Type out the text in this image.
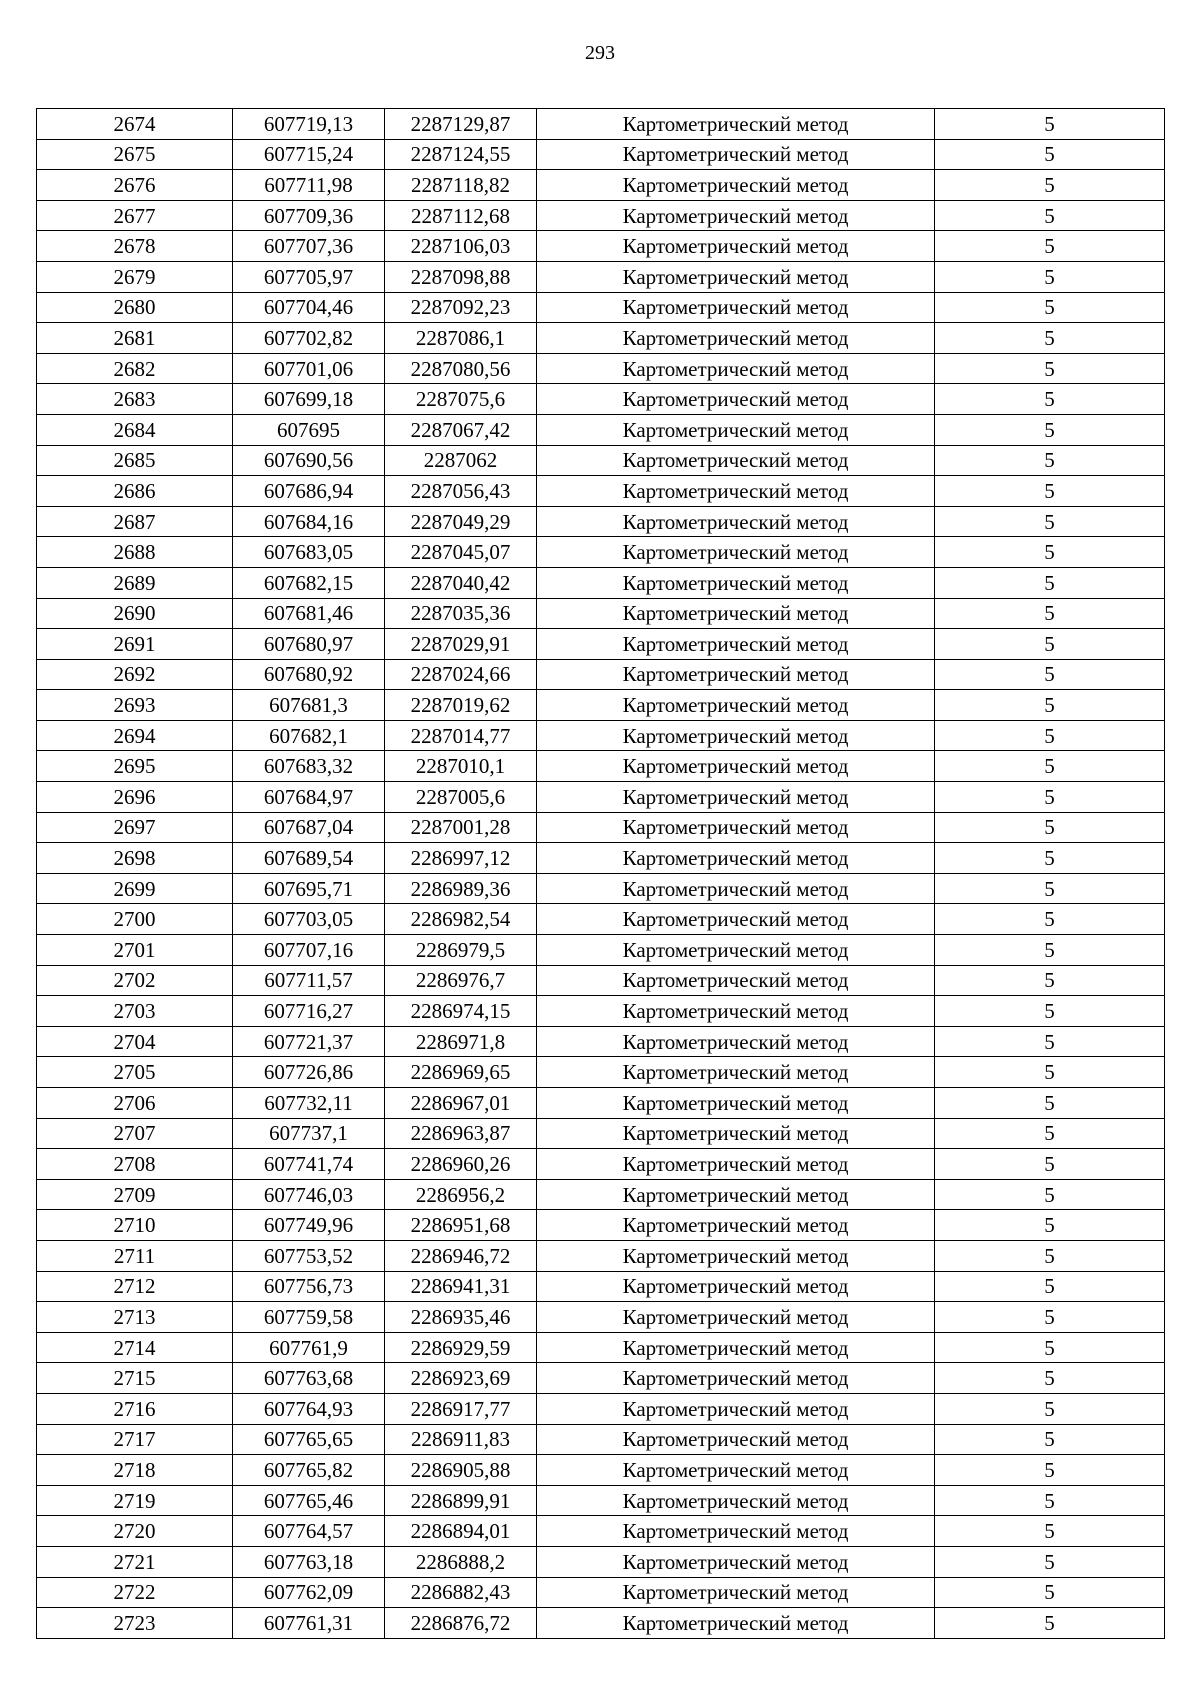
293
2674	607719,13	2287129,87	Картометрический метод	5
2675	607715,24	2287124,55	Картометрический метод	5
2676	607711,98	2287118,82	Картометрический метод	5
2677	607709,36	2287112,68	Картометрический метод	5
2678	607707,36	2287106,03	Картометрический метод	5
2679	607705,97	2287098,88	Картометрический метод	5
2680	607704,46	2287092,23	Картометрический метод	5
2681	607702,82	2287086,1	Картометрический метод	5
2682	607701,06	2287080,56	Картометрический метод	5
2683	607699,18	2287075,6	Картометрический метод	5
2684	607695	2287067,42	Картометрический метод	5
2685	607690,56	2287062	Картометрический метод	5
2686	607686,94	2287056,43	Картометрический метод	5
2687	607684,16	2287049,29	Картометрический метод	5
2688	607683,05	2287045,07	Картометрический метод	5
2689	607682,15	2287040,42	Картометрический метод	5
2690	607681,46	2287035,36	Картометрический метод	5
2691	607680,97	2287029,91	Картометрический метод	5
2692	607680,92	2287024,66	Картометрический метод	5
2693	607681,3	2287019,62	Картометрический метод	5
2694	607682,1	2287014,77	Картометрический метод	5
2695	607683,32	2287010,1	Картометрический метод	5
2696	607684,97	2287005,6	Картометрический метод	5
2697	607687,04	2287001,28	Картометрический метод	5
2698	607689,54	2286997,12	Картометрический метод	5
2699	607695,71	2286989,36	Картометрический метод	5
2700	607703,05	2286982,54	Картометрический метод	5
2701	607707,16	2286979,5	Картометрический метод	5
2702	607711,57	2286976,7	Картометрический метод	5
2703	607716,27	2286974,15	Картометрический метод	5
2704	607721,37	2286971,8	Картометрический метод	5
2705	607726,86	2286969,65	Картометрический метод	5
2706	607732,11	2286967,01	Картометрический метод	5
2707	607737,1	2286963,87	Картометрический метод	5
2708	607741,74	2286960,26	Картометрический метод	5
2709	607746,03	2286956,2	Картометрический метод	5
2710	607749,96	2286951,68	Картометрический метод	5
2711	607753,52	2286946,72	Картометрический метод	5
2712	607756,73	2286941,31	Картометрический метод	5
2713	607759,58	2286935,46	Картометрический метод	5
2714	607761,9	2286929,59	Картометрический метод	5
2715	607763,68	2286923,69	Картометрический метод	5
2716	607764,93	2286917,77	Картометрический метод	5
2717	607765,65	2286911,83	Картометрический метод	5
2718	607765,82	2286905,88	Картометрический метод	5
2719	607765,46	2286899,91	Картометрический метод	5
2720	607764,57	2286894,01	Картометрический метод	5
2721	607763,18	2286888,2	Картометрический метод	5
2722	607762,09	2286882,43	Картометрический метод	5
2723	607761,31	2286876,72	Картометрический метод	5
